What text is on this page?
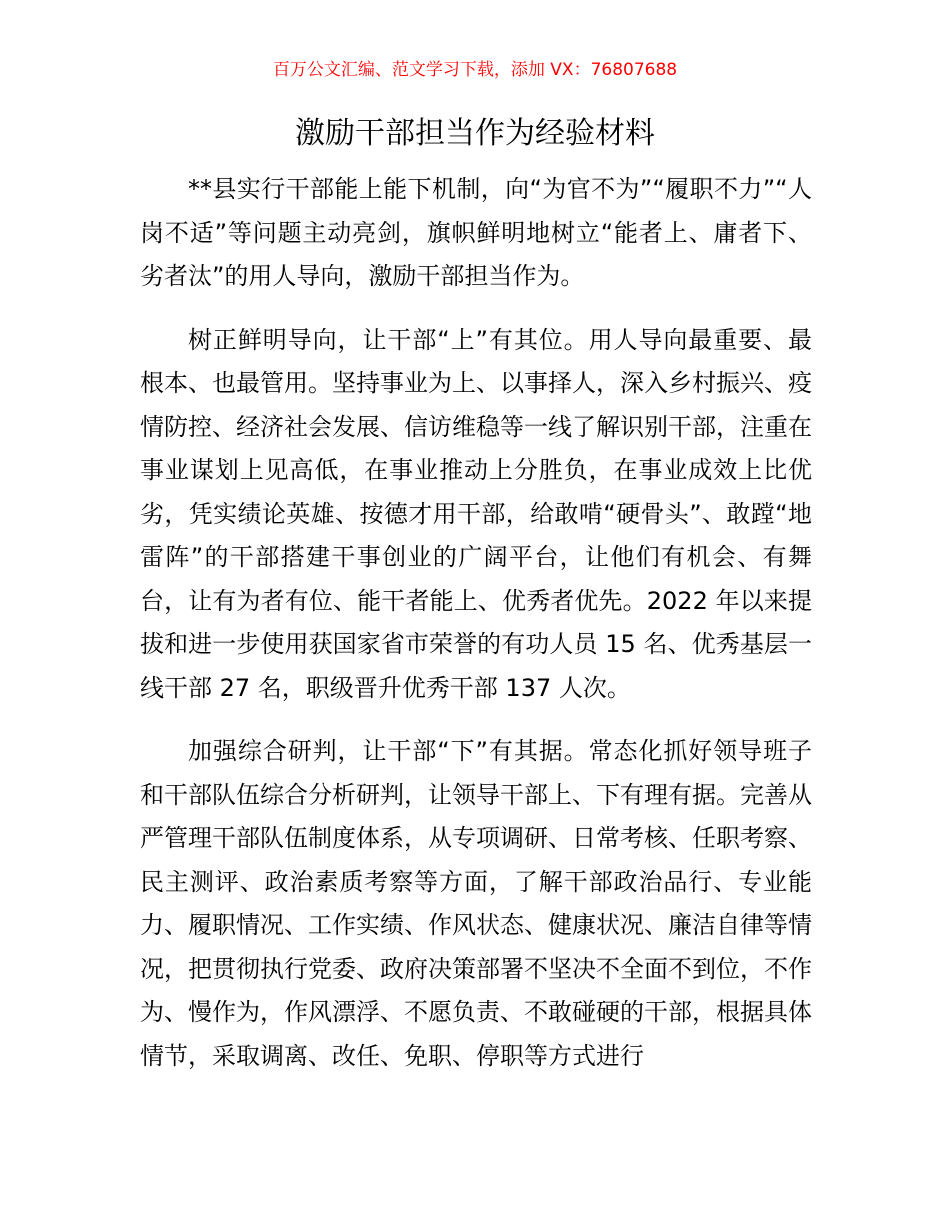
百万公文汇编、范文学习下载，添加 VX：76807688
激励干部担当作为经验材料

**县实行干部能上能下机制，向“为官不为”“履职不力”“人岗不适”等问题主动亮剑，旗帜鲜明地树立“能者上、庸者下、劣者汰”的用人导向，激励干部担当作为。

树正鲜明导向，让干部“上”有其位。用人导向最重要、最根本、也最管用。坚持事业为上、以事择人，深入乡村振兴、疫情防控、经济社会发展、信访维稳等一线了解识别干部，注重在事业谋划上见高低，在事业推动上分胜负，在事业成效上比优劣，凭实绩论英雄、按德才用干部，给敢啃“硬骨头”、敢蹚“地雷阵”的干部搭建干事创业的广阔平台，让他们有机会、有舞台，让有为者有位、能干者能上、优秀者优先。2022 年以来提拔和进一步使用获国家省市荣誉的有功人员 15 名、优秀基层一线干部 27 名，职级晋升优秀干部 137 人次。

加强综合研判，让干部“下”有其据。常态化抓好领导班子和干部队伍综合分析研判，让领导干部上、下有理有据。完善从严管理干部队伍制度体系，从专项调研、日常考核、任职考察、民主测评、政治素质考察等方面，了解干部政治品行、专业能力、履职情况、工作实绩、作风状态、健康状况、廉洁自律等情况，把贯彻执行党委、政府决策部署不坚决不全面不到位，不作为、慢作为，作风漂浮、不愿负责、不敢碰硬的干部，根据具体情节，采取调离、改任、免职、停职等方式进行
